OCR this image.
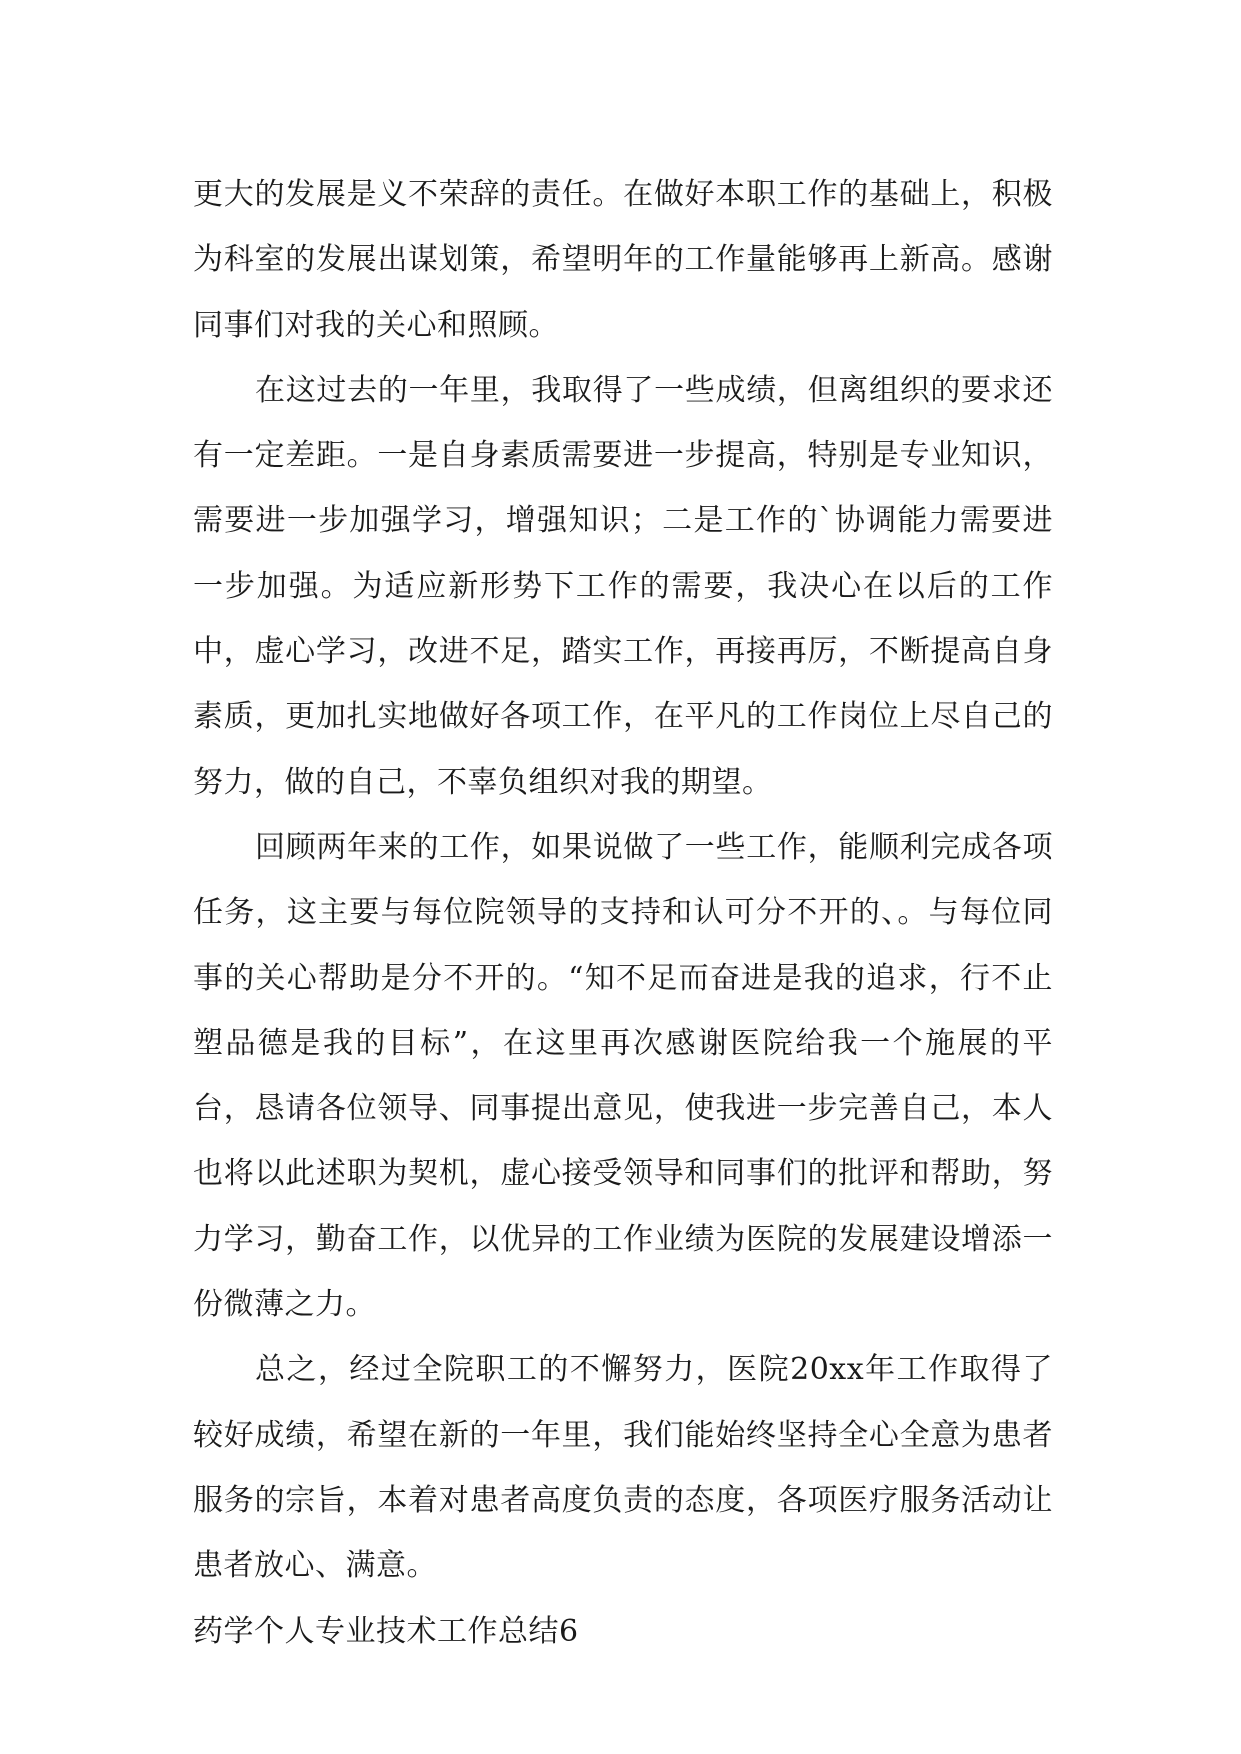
更大的发展是义不荣辞的责任。在做好本职工作的基础上，积极为科室的发展出谋划策，希望明年的工作量能够再上新高。感谢同事们对我的关心和照顾。

在这过去的一年里，我取得了一些成绩，但离组织的要求还有一定差距。一是自身素质需要进一步提高，特别是专业知识，需要进一步加强学习，增强知识；二是工作的`协调能力需要进一步加强。为适应新形势下工作的需要，我决心在以后的工作中，虚心学习，改进不足，踏实工作，再接再厉，不断提高自身素质，更加扎实地做好各项工作，在平凡的工作岗位上尽自己的努力，做的自己，不辜负组织对我的期望。

回顾两年来的工作，如果说做了一些工作，能顺利完成各项任务，这主要与每位院领导的支持和认可分不开的、。与每位同事的关心帮助是分不开的。“知不足而奋进是我的追求，行不止塑品德是我的目标”，在这里再次感谢医院给我一个施展的平台，恳请各位领导、同事提出意见，使我进一步完善自己，本人也将以此述职为契机，虚心接受领导和同事们的批评和帮助，努力学习，勤奋工作，以优异的工作业绩为医院的发展建设增添一份微薄之力。

总之，经过全院职工的不懈努力，医院20xx年工作取得了较好成绩，希望在新的一年里，我们能始终坚持全心全意为患者服务的宗旨，本着对患者高度负责的态度，各项医疗服务活动让患者放心、满意。

药学个人专业技术工作总结6
